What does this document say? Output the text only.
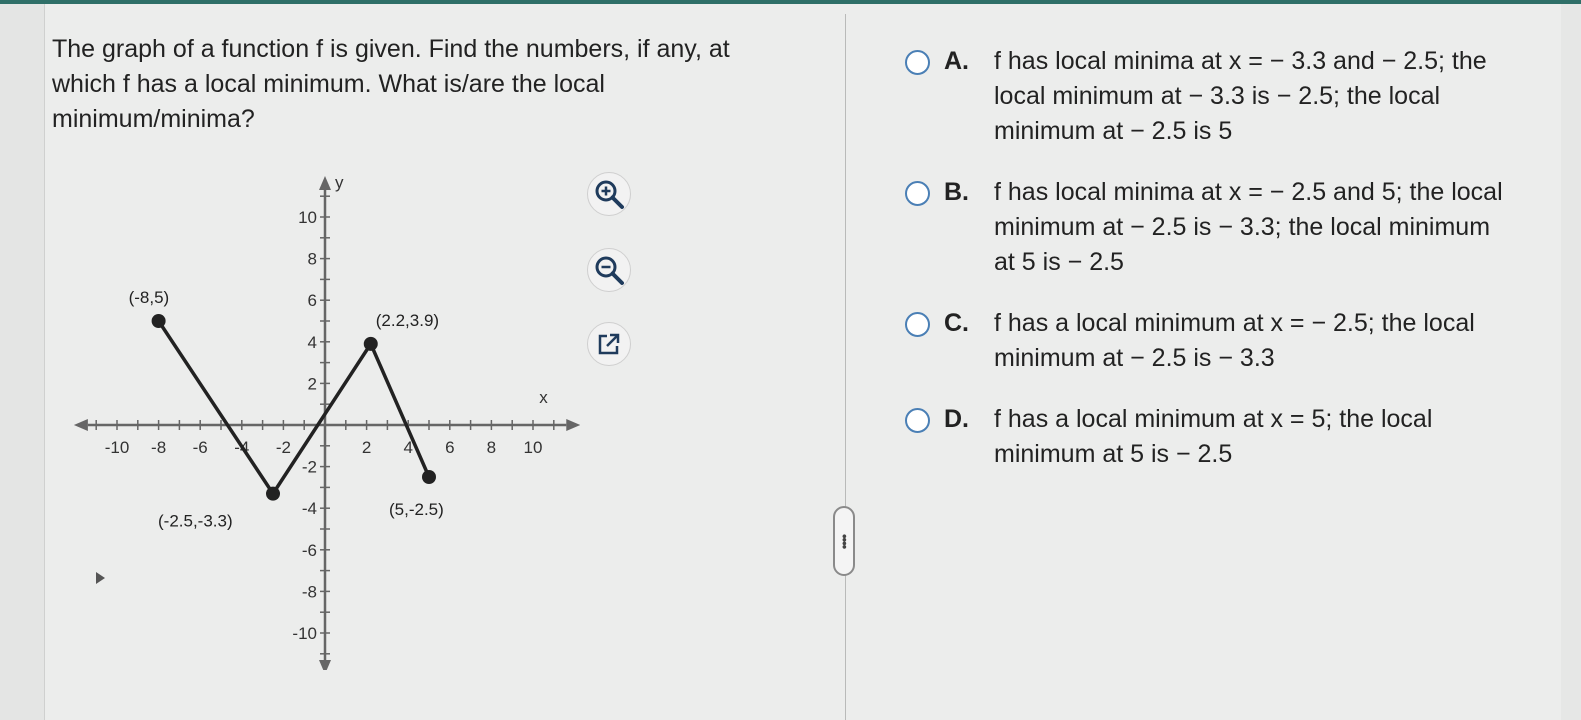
The graph of a function f is given. Find the numbers, if any, at which f has a local minimum. What is/are the local minimum/minima?
y
x
-10 -8 -6 -4 -2	2 4 6 8 10
10
8
6
4
2
-2
-4
-6
-8
-10
(-8,5)
(-2.5,-3.3)
(2.2,3.9)
(5,-2.5)
••••
A.	f has local minima at x = − 3.3 and − 2.5; the local minimum at − 3.3 is − 2.5; the local minimum at − 2.5 is 5
B.	f has local minima at x = − 2.5 and 5; the local minimum at − 2.5 is − 3.3; the local minimum at 5 is − 2.5
C.	f has a local minimum at x = − 2.5; the local minimum at − 2.5 is − 3.3
D.	f has a local minimum at x = 5; the local minimum at 5 is − 2.5
